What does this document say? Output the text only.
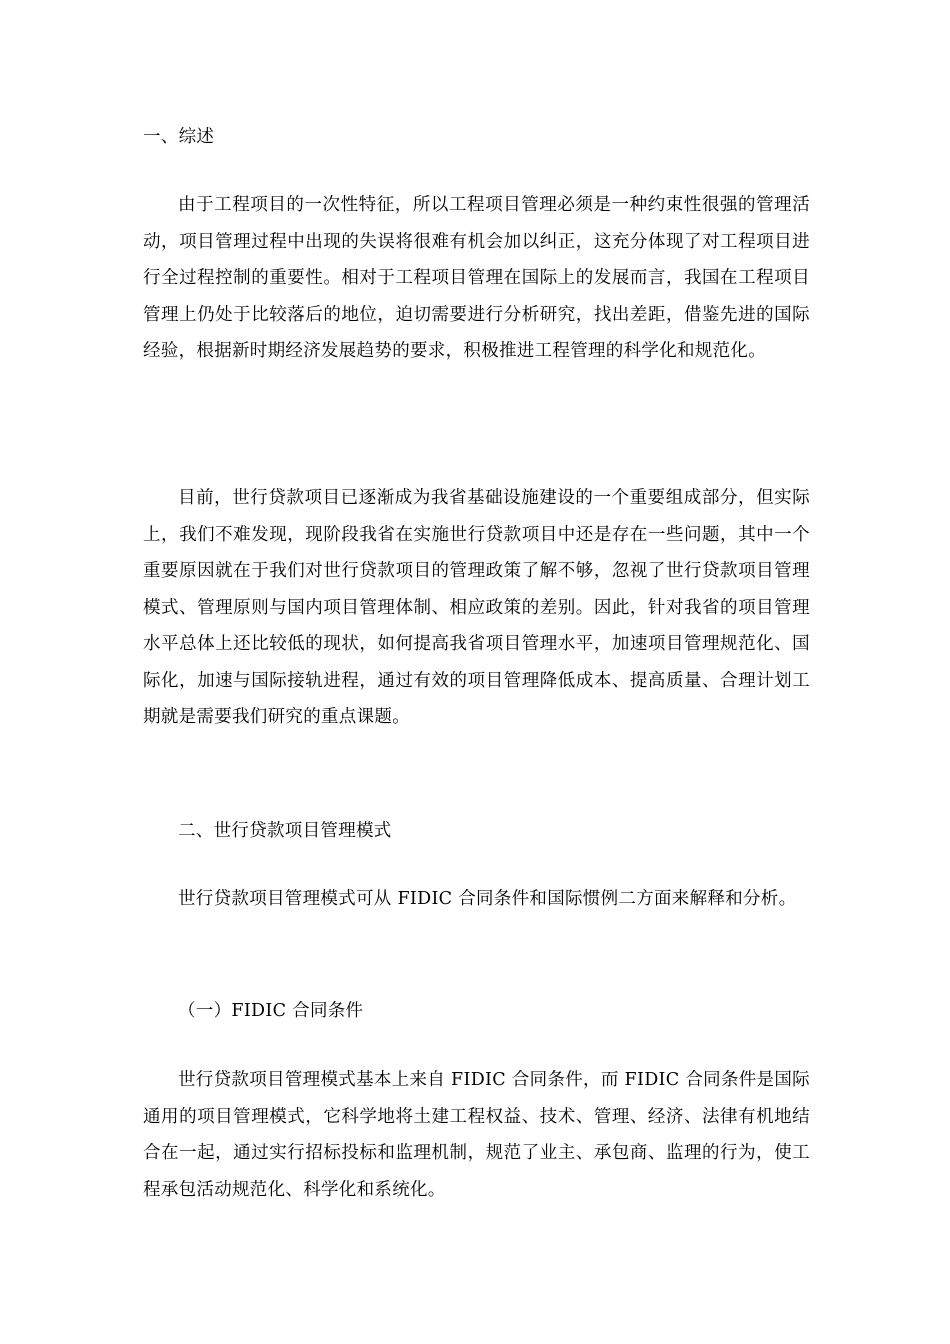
一、综述

由于工程项目的一次性特征，所以工程项目管理必须是一种约束性很强的管理活动，项目管理过程中出现的失误将很难有机会加以纠正，这充分体现了对工程项目进行全过程控制的重要性。相对于工程项目管理在国际上的发展而言，我国在工程项目管理上仍处于比较落后的地位，迫切需要进行分析研究，找出差距，借鉴先进的国际经验，根据新时期经济发展趋势的要求，积极推进工程管理的科学化和规范化。

目前，世行贷款项目已逐渐成为我省基础设施建设的一个重要组成部分，但实际上，我们不难发现，现阶段我省在实施世行贷款项目中还是存在一些问题，其中一个重要原因就在于我们对世行贷款项目的管理政策了解不够，忽视了世行贷款项目管理模式、管理原则与国内项目管理体制、相应政策的差别。因此，针对我省的项目管理水平总体上还比较低的现状，如何提高我省项目管理水平，加速项目管理规范化、国际化，加速与国际接轨进程，通过有效的项目管理降低成本、提高质量、合理计划工期就是需要我们研究的重点课题。

二、世行贷款项目管理模式

世行贷款项目管理模式可从 FIDIC 合同条件和国际惯例二方面来解释和分析。

（一）FIDIC 合同条件

世行贷款项目管理模式基本上来自 FIDIC 合同条件，而 FIDIC 合同条件是国际通用的项目管理模式，它科学地将土建工程权益、技术、管理、经济、法律有机地结合在一起，通过实行招标投标和监理机制，规范了业主、承包商、监理的行为，使工程承包活动规范化、科学化和系统化。
